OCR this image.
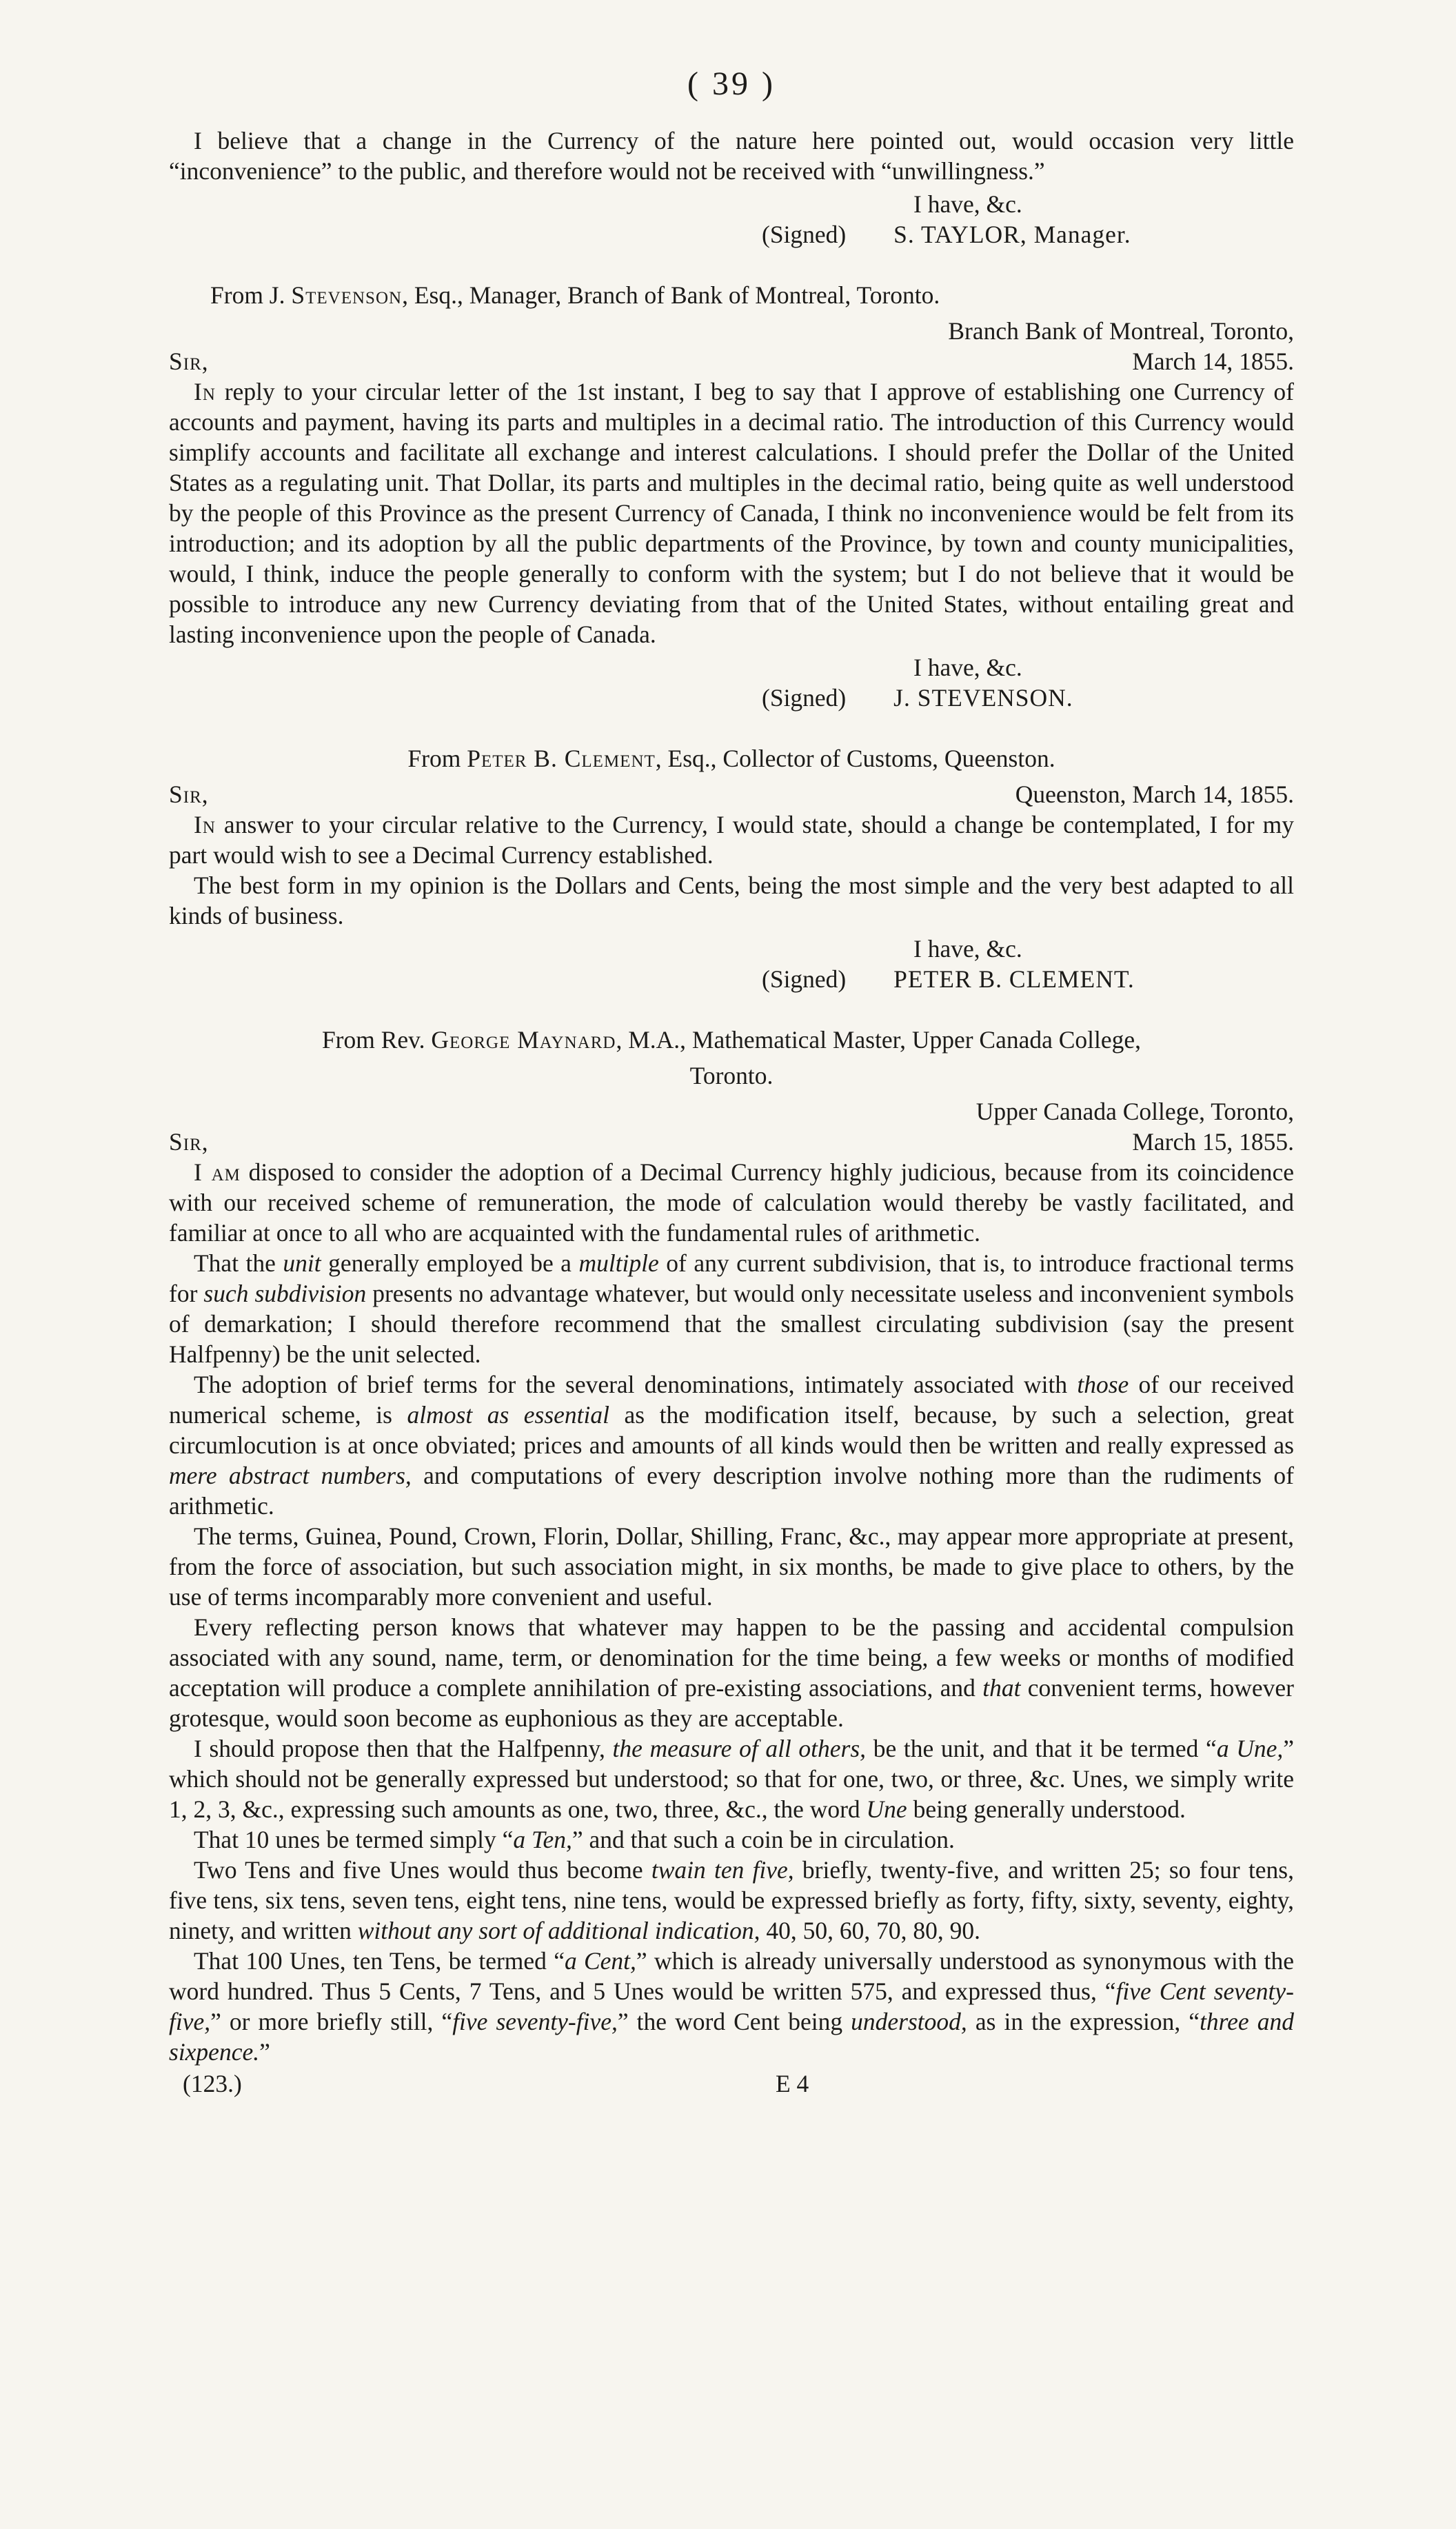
( 39 )

I believe that a change in the Currency of the nature here pointed out, would occasion very little “inconvenience” to the public, and therefore would not be received with “unwillingness.”

I have, &c.

(Signed) S. TAYLOR, Manager.

From J. Stevenson, Esq., Manager, Branch of Bank of Montreal, Toronto.

Branch Bank of Montreal, Toronto,

Sir,	March 14, 1855.

In reply to your circular letter of the 1st instant, I beg to say that I approve of establishing one Currency of accounts and payment, having its parts and multiples in a decimal ratio. The introduction of this Currency would simplify accounts and facilitate all exchange and interest calculations. I should prefer the Dollar of the United States as a regulating unit. That Dollar, its parts and multiples in the decimal ratio, being quite as well understood by the people of this Province as the present Currency of Canada, I think no inconvenience would be felt from its introduction; and its adoption by all the public departments of the Province, by town and county municipalities, would, I think, induce the people generally to conform with the system; but I do not believe that it would be possible to introduce any new Currency deviating from that of the United States, without entailing great and lasting inconvenience upon the people of Canada.

I have, &c.

(Signed) J. STEVENSON.

From Peter B. Clement, Esq., Collector of Customs, Queenston.
Sir,	Queenston, March 14, 1855.

In answer to your circular relative to the Currency, I would state, should a change be contemplated, I for my part would wish to see a Decimal Currency established.

The best form in my opinion is the Dollars and Cents, being the most simple and the very best adapted to all kinds of business.

I have, &c.

(Signed) PETER B. CLEMENT.

From Rev. George Maynard, M.A., Mathematical Master, Upper Canada College,

Toronto.

Upper Canada College, Toronto,

Sir,	March 15, 1855.

I am disposed to consider the adoption of a Decimal Currency highly judicious, because from its coincidence with our received scheme of remuneration, the mode of calculation would thereby be vastly facilitated, and familiar at once to all who are acquainted with the fundamental rules of arithmetic.

That the unit generally employed be a multiple of any current subdivision, that is, to introduce fractional terms for such subdivision presents no advantage whatever, but would only necessitate useless and inconvenient symbols of demarkation; I should therefore recommend that the smallest circulating subdivision (say the present Halfpenny) be the unit selected.

The adoption of brief terms for the several denominations, intimately associated with those of our received numerical scheme, is almost as essential as the modification itself, because, by such a selection, great circumlocution is at once obviated; prices and amounts of all kinds would then be written and really expressed as mere abstract numbers, and computations of every description involve nothing more than the rudiments of arithmetic.

The terms, Guinea, Pound, Crown, Florin, Dollar, Shilling, Franc, &c., may appear more appropriate at present, from the force of association, but such association might, in six months, be made to give place to others, by the use of terms incomparably more convenient and useful.

Every reflecting person knows that whatever may happen to be the passing and accidental compulsion associated with any sound, name, term, or denomination for the time being, a few weeks or months of modified acceptation will produce a complete annihilation of pre-existing associations, and that convenient terms, however grotesque, would soon become as euphonious as they are acceptable.

I should propose then that the Halfpenny, the measure of all others, be the unit, and that it be termed “a Une,” which should not be generally expressed but understood; so that for one, two, or three, &c. Unes, we simply write 1, 2, 3, &c., expressing such amounts as one, two, three, &c., the word Une being generally understood.

That 10 unes be termed simply “a Ten,” and that such a coin be in circulation.

Two Tens and five Unes would thus become twain ten five, briefly, twenty-five, and written 25; so four tens, five tens, six tens, seven tens, eight tens, nine tens, would be expressed briefly as forty, fifty, sixty, seventy, eighty, ninety, and written without any sort of additional indication, 40, 50, 60, 70, 80, 90.

That 100 Unes, ten Tens, be termed “a Cent,” which is already universally understood as synonymous with the word hundred. Thus 5 Cents, 7 Tens, and 5 Unes would be written 575, and expressed thus, “five Cent seventy-five,” or more briefly still, “five seventy-five,” the word Cent being understood, as in the expression, “three and sixpence.”

(123.)	E 4
